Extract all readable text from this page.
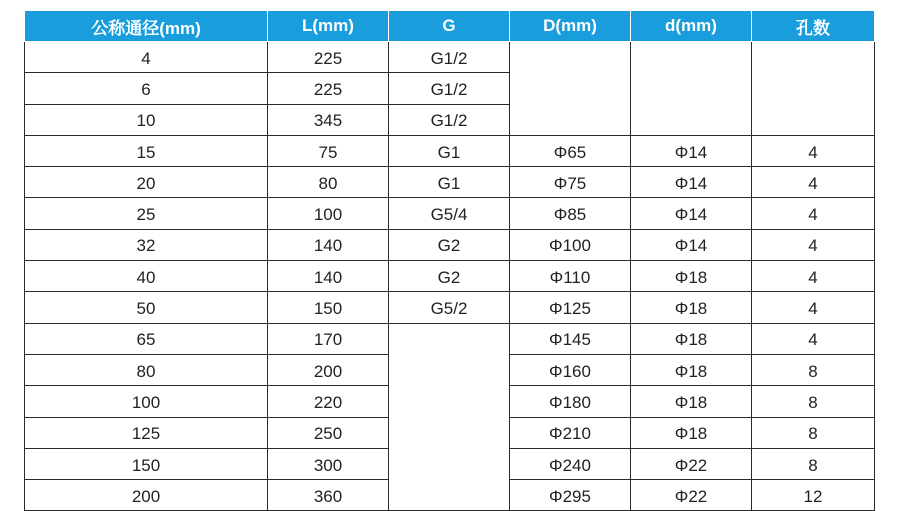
公称通径(mm)	L(mm)	G	D(mm)	d(mm)	孔数
4	225	G1/2			
6	225	G1/2			
10	345	G1/2			
15	75	G1	Φ65	Φ14	4
20	80	G1	Φ75	Φ14	4
25	100	G5/4	Φ85	Φ14	4
32	140	G2	Φ100	Φ14	4
40	140	G2	Φ110	Φ18	4
50	150	G5/2	Φ125	Φ18	4
65	170		Φ145	Φ18	4
80	200		Φ160	Φ18	8
100	220		Φ180	Φ18	8
125	250		Φ210	Φ18	8
150	300		Φ240	Φ22	8
200	360		Φ295	Φ22	12
